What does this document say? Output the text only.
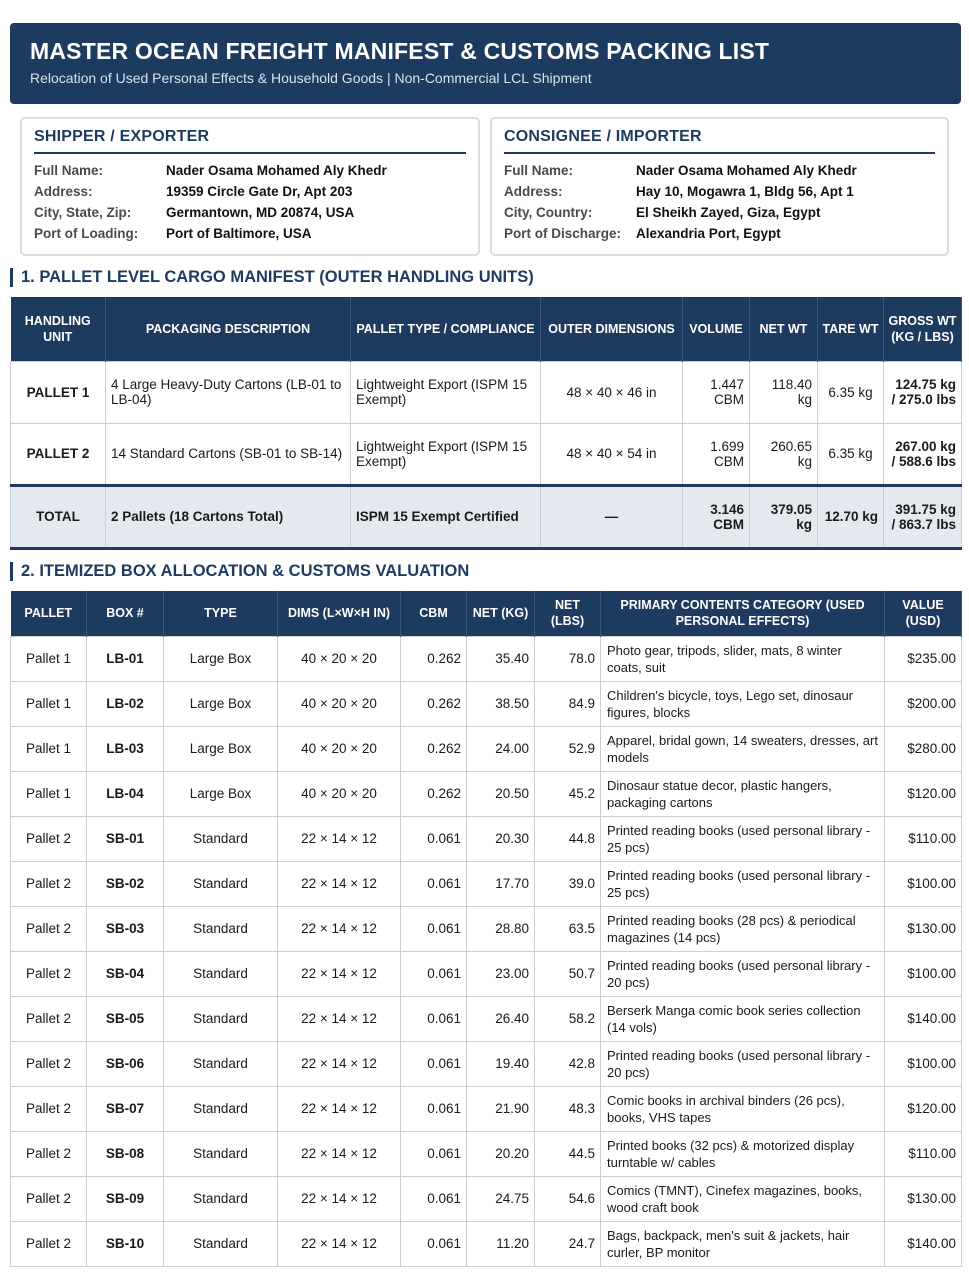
MASTER OCEAN FREIGHT MANIFEST & CUSTOMS PACKING LIST
Relocation of Used Personal Effects & Household Goods | Non-Commercial LCL Shipment
SHIPPER / EXPORTER
Full Name:	Nader Osama Mohamed Aly Khedr
Address:	19359 Circle Gate Dr, Apt 203
City, State, Zip:	Germantown, MD 20874, USA
Port of Loading:	Port of Baltimore, USA
CONSIGNEE / IMPORTER
Full Name:	Nader Osama Mohamed Aly Khedr
Address:	Hay 10, Mogawra 1, Bldg 56, Apt 1
City, Country:	El Sheikh Zayed, Giza, Egypt
Port of Discharge:	Alexandria Port, Egypt
1. PALLET LEVEL CARGO MANIFEST (OUTER HANDLING UNITS)
HANDLING UNIT	PACKAGING DESCRIPTION	PALLET TYPE / COMPLIANCE	OUTER DIMENSIONS	VOLUME	NET WT	TARE WT	GROSS WT (KG / LBS)
PALLET 1	4 Large Heavy-Duty Cartons (LB-01 to LB-04)	Lightweight Export (ISPM 15 Exempt)	48 × 40 × 46 in	1.447 CBM	118.40 kg	6.35 kg	124.75 kg / 275.0 lbs
PALLET 2	14 Standard Cartons (SB-01 to SB-14)	Lightweight Export (ISPM 15 Exempt)	48 × 40 × 54 in	1.699 CBM	260.65 kg	6.35 kg	267.00 kg / 588.6 lbs
TOTAL	2 Pallets (18 Cartons Total)	ISPM 15 Exempt Certified	—	3.146 CBM	379.05 kg	12.70 kg	391.75 kg / 863.7 lbs
2. ITEMIZED BOX ALLOCATION & CUSTOMS VALUATION
PALLET	BOX #	TYPE	DIMS (L×W×H IN)	CBM	NET (KG)	NET (LBS)	PRIMARY CONTENTS CATEGORY (USED PERSONAL EFFECTS)	VALUE (USD)
Pallet 1	LB-01	Large Box	40 × 20 × 20	0.262	35.40	78.0	Photo gear, tripods, slider, mats, 8 winter coats, suit	$235.00
Pallet 1	LB-02	Large Box	40 × 20 × 20	0.262	38.50	84.9	Children's bicycle, toys, Lego set, dinosaur figures, blocks	$200.00
Pallet 1	LB-03	Large Box	40 × 20 × 20	0.262	24.00	52.9	Apparel, bridal gown, 14 sweaters, dresses, art models	$280.00
Pallet 1	LB-04	Large Box	40 × 20 × 20	0.262	20.50	45.2	Dinosaur statue decor, plastic hangers, packaging cartons	$120.00
Pallet 2	SB-01	Standard	22 × 14 × 12	0.061	20.30	44.8	Printed reading books (used personal library - 25 pcs)	$110.00
Pallet 2	SB-02	Standard	22 × 14 × 12	0.061	17.70	39.0	Printed reading books (used personal library - 25 pcs)	$100.00
Pallet 2	SB-03	Standard	22 × 14 × 12	0.061	28.80	63.5	Printed reading books (28 pcs) & periodical magazines (14 pcs)	$130.00
Pallet 2	SB-04	Standard	22 × 14 × 12	0.061	23.00	50.7	Printed reading books (used personal library - 20 pcs)	$100.00
Pallet 2	SB-05	Standard	22 × 14 × 12	0.061	26.40	58.2	Berserk Manga comic book series collection (14 vols)	$140.00
Pallet 2	SB-06	Standard	22 × 14 × 12	0.061	19.40	42.8	Printed reading books (used personal library - 20 pcs)	$100.00
Pallet 2	SB-07	Standard	22 × 14 × 12	0.061	21.90	48.3	Comic books in archival binders (26 pcs), books, VHS tapes	$120.00
Pallet 2	SB-08	Standard	22 × 14 × 12	0.061	20.20	44.5	Printed books (32 pcs) & motorized display turntable w/ cables	$110.00
Pallet 2	SB-09	Standard	22 × 14 × 12	0.061	24.75	54.6	Comics (TMNT), Cinefex magazines, books, wood craft book	$130.00
Pallet 2	SB-10	Standard	22 × 14 × 12	0.061	11.20	24.7	Bags, backpack, men's suit & jackets, hair curler, BP monitor	$140.00
